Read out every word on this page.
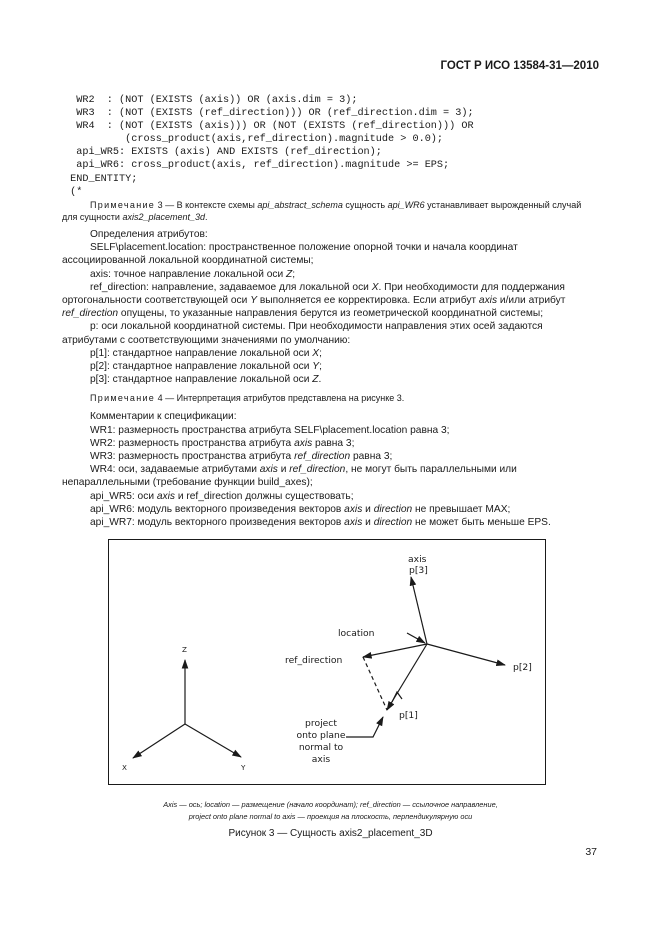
ГОСТ Р ИСО 13584-31—2010
WR2  : (NOT (EXISTS (axis)) OR (axis.dim = 3);
WR3  : (NOT (EXISTS (ref_direction))) OR (ref_direction.dim = 3);
WR4  : (NOT (EXISTS (axis))) OR (NOT (EXISTS (ref_direction))) OR
(cross_product(axis,ref_direction).magnitude > 0.0);
api_WR5: EXISTS (axis) AND EXISTS (ref_direction);
api_WR6: cross_product(axis, ref_direction).magnitude >= EPS;
END_ENTITY;
(*

Примечание 3 — В контексте схемы api_abstract_schema сущность api_WR6 устанавливает вырожденный случай для сущности axis2_placement_3d.

Определения атрибутов:

SELF\placement.location: пространственное положение опорной точки и начала координат ассоциированной локальной координатной системы;

axis: точное направление локальной оси Z;

ref_direction: направление, задаваемое для локальной оси X. При необходимости для поддержания ортогональности соответствующей оси Y выполняется ее корректировка. Если атрибут axis и/или атрибут ref_direction опущены, то указанные направления берутся из геометрической координатной системы;

p: оси локальной координатной системы. При необходимости направления этих осей задаются атрибутами с соответствующими значениями по умолчанию:

p[1]: стандартное направление локальной оси X;

p[2]: стандартное направление локальной оси Y;

p[3]: стандартное направление локальной оси Z.

Примечание 4 — Интерпретация атрибутов представлена на рисунке 3.

Комментарии к спецификации:

WR1: размерность пространства атрибута SELF\placement.location равна 3;

WR2: размерность пространства атрибута axis равна 3;

WR3: размерность пространства атрибута ref_direction равна 3;

WR4: оси, задаваемые атрибутами axis и ref_direction, не могут быть параллельными или непараллельными (требование функции build_axes);

api_WR5: оси axis и ref_direction должны существовать;

api_WR6: модуль векторного произведения векторов axis и direction не превышает MAX;

api_WR7: модуль векторного произведения векторов axis и direction не может быть меньше EPS.

axis
p[3]
location
ref_direction
p[2]
p[1]
project
onto plane
normal to
axis
Z
X	Y
Axis — ось; location — размещение (начало координат); ref_direction — ссылочное направление,
project onto plane normal to axis — проекция на плоскость, перпендикулярную оси
Рисунок 3 — Сущность axis2_placement_3D
37
